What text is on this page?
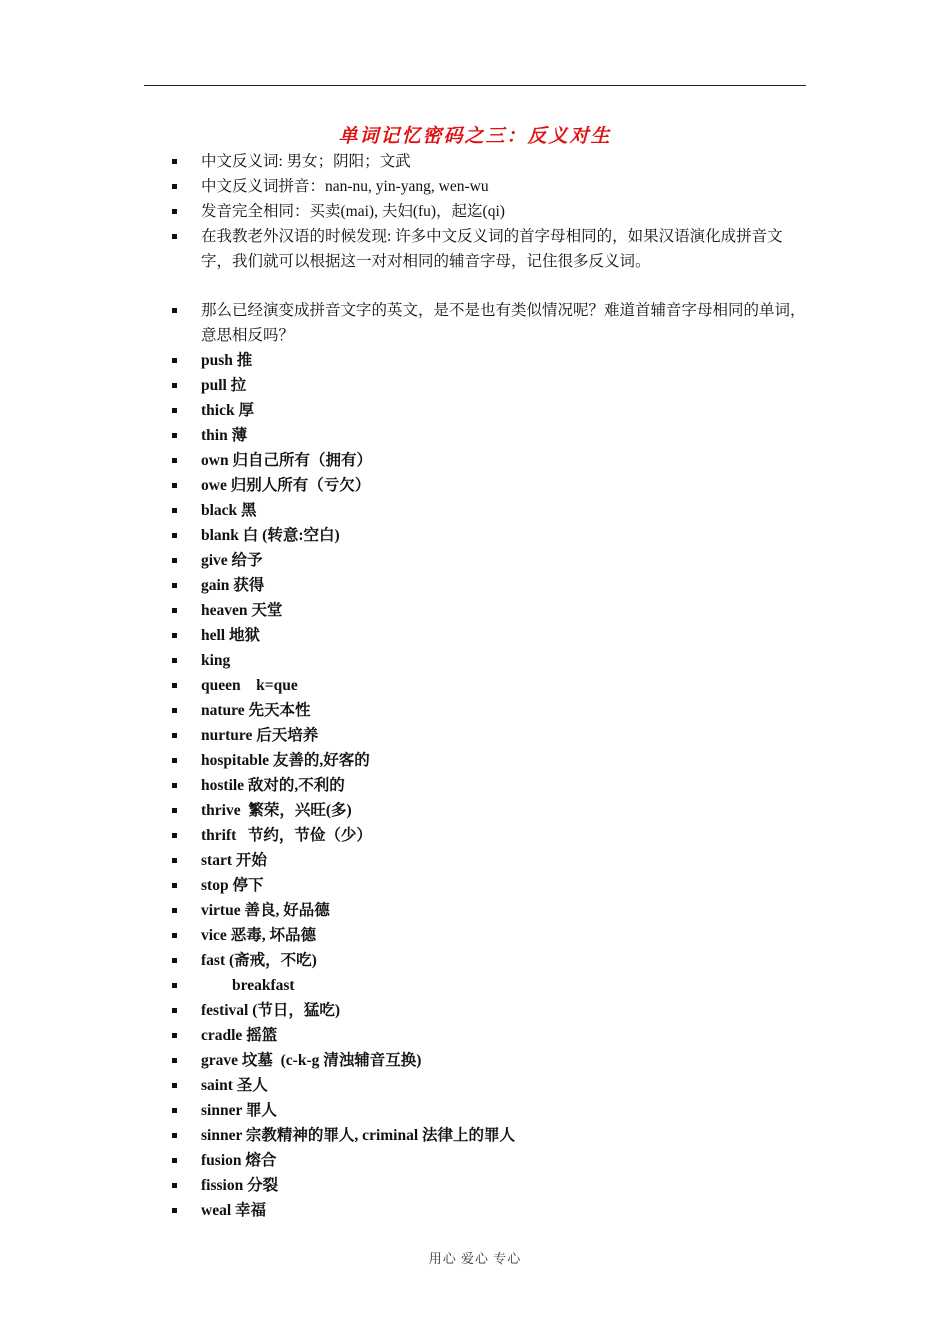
单词记忆密码之三：反义对生
中文反义词: 男女；阴阳；文武
中文反义词拼音：nan-nu, yin-yang, wen-wu
发音完全相同：买卖(mai), 夫妇(fu)，起迄(qi)
在我教老外汉语的时候发现: 许多中文反义词的首字母相同的，如果汉语演化成拼音文字，我们就可以根据这一对对相同的辅音字母，记住很多反义词。
那么已经演变成拼音文字的英文，是不是也有类似情况呢？难道首辅音字母相同的单词，意思相反吗？
push 推
pull 拉
thick 厚
thin 薄
own 归自己所有（拥有）
owe 归别人所有（亏欠）
black 黑
blank 白 (转意:空白)
give 给予
gain 获得
heaven 天堂
hell 地狱
king
queen　k=que
nature 先天本性
nurture 后天培养
hospitable 友善的,好客的
hostile 敌对的,不利的
thrive  繁荣，兴旺(多)
thrift   节约，节俭（少）
start 开始
stop 停下
virtue 善良, 好品德
vice 恶毒, 坏品德
fast (斋戒，不吃)
breakfast
festival (节日，猛吃)
cradle 摇篮
grave 坟墓  (c-k-g 清浊辅音互换)
saint 圣人
sinner 罪人
sinner 宗教精神的罪人, criminal 法律上的罪人
fusion 熔合
fission 分裂
weal 幸福
用心 爱心 专心
